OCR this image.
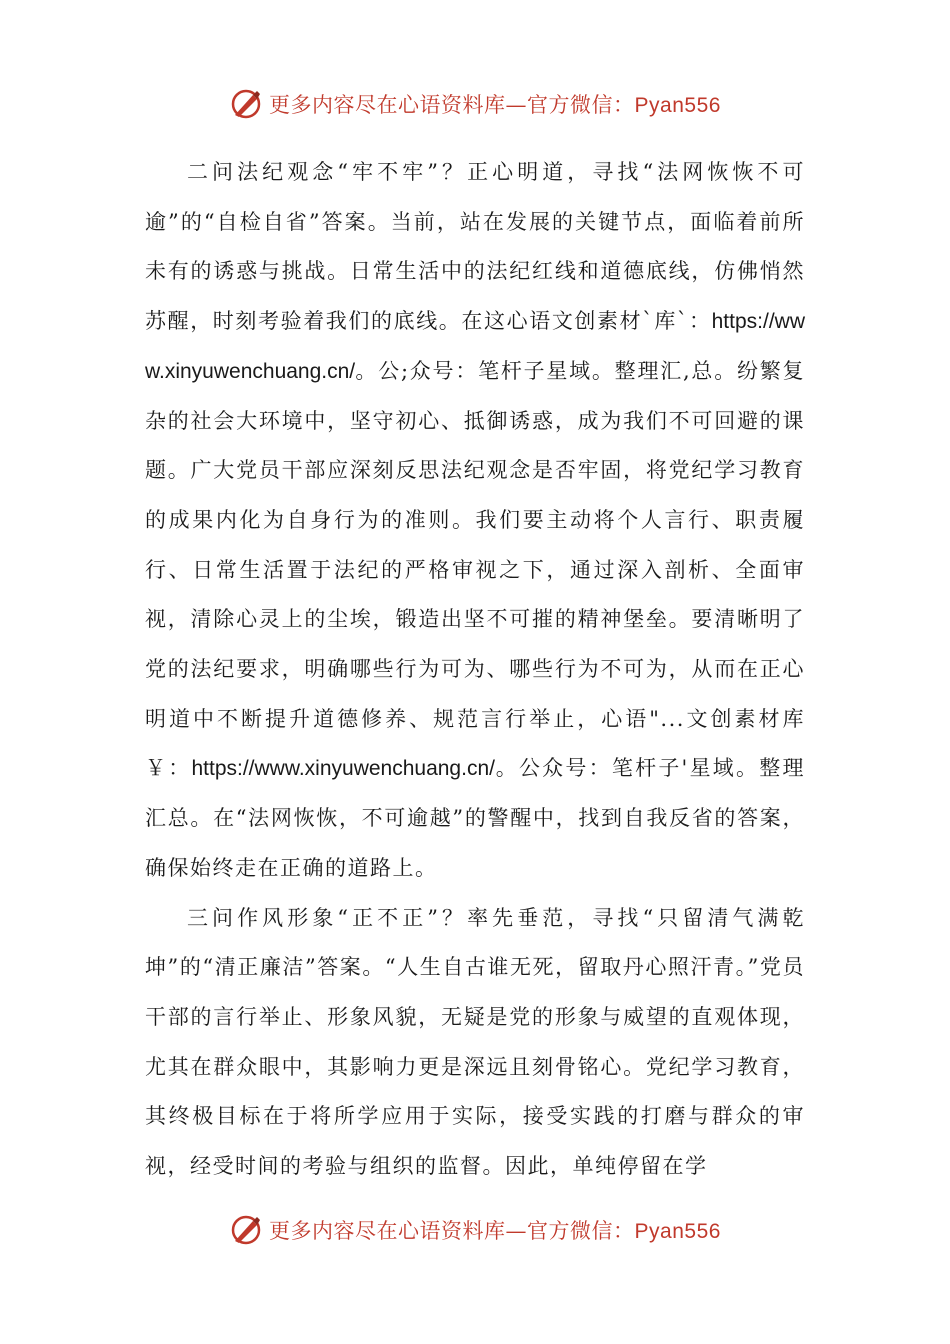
更多内容尽在心语资料库—官方微信：Pyan556

二问法纪观念“牢不牢”？正心明道，寻找“法网恢恢不可逾”的“自检自省”答案。当前，站在发展的关键节点，面临着前所未有的诱惑与挑战。日常生活中的法纪红线和道德底线，仿佛悄然苏醒，时刻考验着我们的底线。在这心语文创素材`库`：https://www.xinyuwenchuang.cn/。公;众号：笔杆子星域。整理汇,总。纷繁复杂的社会大环境中，坚守初心、抵御诱惑，成为我们不可回避的课题。广大党员干部应深刻反思法纪观念是否牢固，将党纪学习教育的成果内化为自身行为的准则。我们要主动将个人言行、职责履行、日常生活置于法纪的严格审视之下，通过深入剖析、全面审视，清除心灵上的尘埃，锻造出坚不可摧的精神堡垒。要清晰明了党的法纪要求，明确哪些行为可为、哪些行为不可为，从而在正心明道中不断提升道德修养、规范言行举止，心语"...文创素材库￥：https://www.xinyuwenchuang.cn/。公众号：笔杆子'星域。整理汇总。在“法网恢恢，不可逾越”的警醒中，找到自我反省的答案，确保始终走在正确的道路上。

三问作风形象“正不正”？率先垂范，寻找“只留清气满乾坤”的“清正廉洁”答案。“人生自古谁无死，留取丹心照汗青。”党员干部的言行举止、形象风貌，无疑是党的形象与威望的直观体现，尤其在群众眼中，其影响力更是深远且刻骨铭心。党纪学习教育，其终极目标在于将所学应用于实际，接受实践的打磨与群众的审视，经受时间的考验与组织的监督。因此，单纯停留在学

更多内容尽在心语资料库—官方微信：Pyan556
